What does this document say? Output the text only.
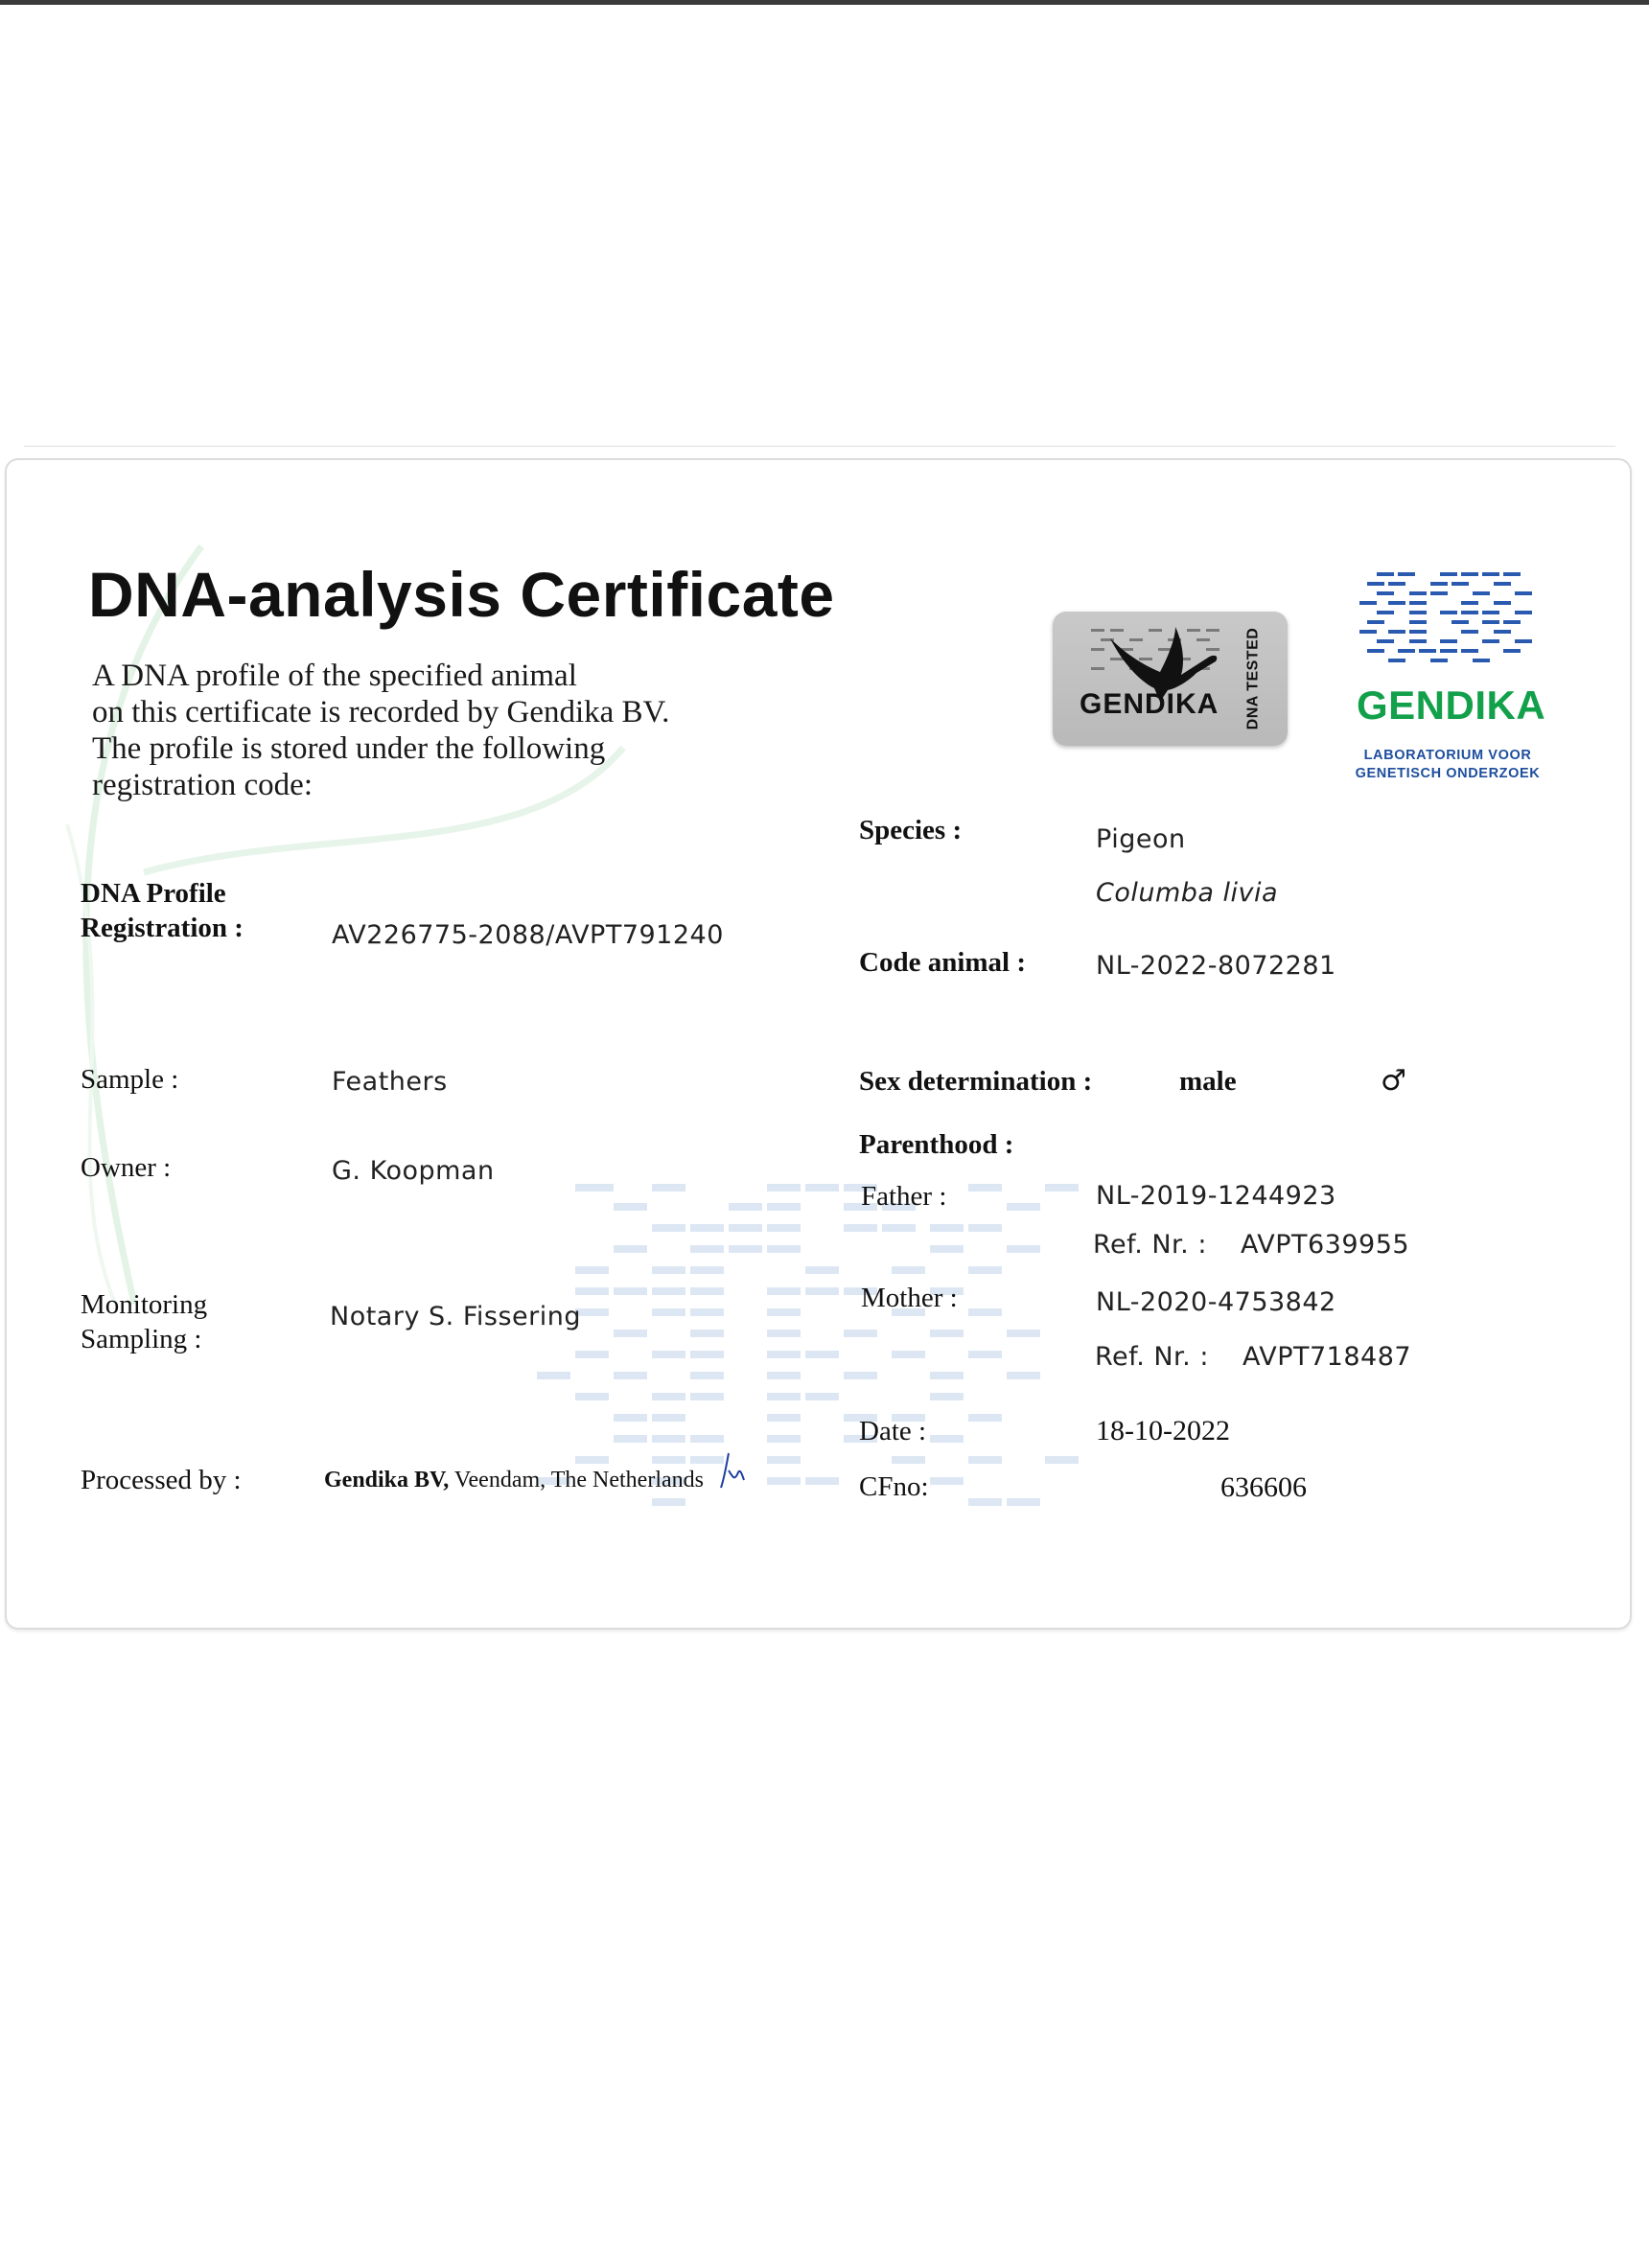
DNA-analysis Certificate
A DNA profile of the specified animal
on this certificate is recorded by Gendika BV.
The profile is stored under the following
registration code:
GENDIKA DNA TESTED GENDIKA
LABORATORIUM VOOR
GENETISCH ONDERZOEK
DNA Profile
Registration :	AV226775-2088/AVPT791240
Sample :	Feathers
Owner :	G. Koopman
Monitoring
Sampling :
Notary S. Fissering
Processed by :	Gendika BV, Veendam, The Netherlands
Species :	Pigeon
Columba livia
Code animal :	NL-2022-8072281
Sex determination :	male	♂
Parenthood :
Father :	NL-2019-1244923
Ref. Nr. : AVPT639955
Mother :	NL-2020-4753842
Ref. Nr. : AVPT718487
Date :	18-10-2022
CFno:	636606
